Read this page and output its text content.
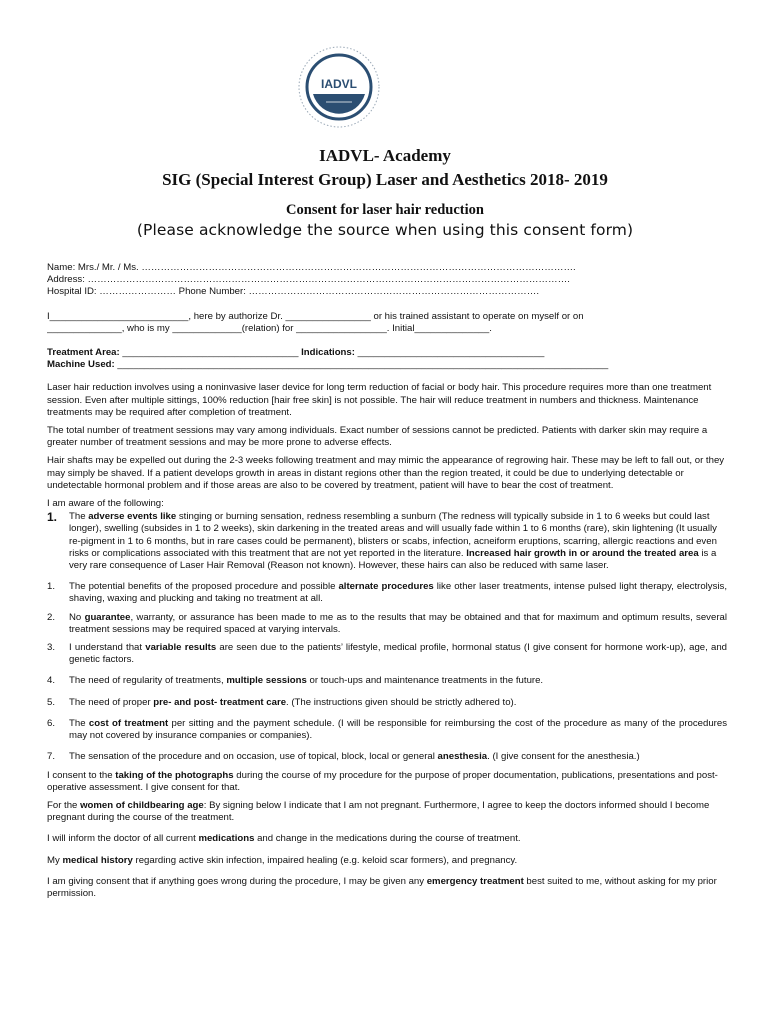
IADVL
IADVL- Academy
SIG (Special Interest Group) Laser and Aesthetics 2018- 2019
Consent for laser hair reduction
(Please acknowledge the source when using this consent form)
Name: Mrs./ Mr. / Ms. ……………………………………………………………………………………………………………………….
Address: …………………………………………………………………………………………………………………………………….
Hospital ID: …………………… Phone Number: ……………………………………………………………………………….
I__________________________, here by authorize Dr. ________________ or his trained assistant to operate on myself or on
______________, who is my _____________(relation) for _________________. Initial______________.
Treatment Area: _________________________________ Indications: ___________________________________
Machine Used: ____________________________________________________________________________________________

Laser hair reduction involves using a noninvasive laser device for long term reduction of facial or body hair. This procedure requires more than one treatment session. Even after multiple sittings, 100% reduction [hair free skin] is not possible. The hair will reduce treatment in numbers and thickness. Maintenance treatments may be required after completion of treatment.

The total number of treatment sessions may vary among individuals. Exact number of sessions cannot be predicted. Patients with darker skin may require a greater number of treatment sessions and may be more prone to adverse effects.

Hair shafts may be expelled out during the 2-3 weeks following treatment and may mimic the appearance of regrowing hair. These may be left to fall out, or they may simply be shaved. If a patient develops growth in areas in distant regions other than the region treated, it could be due to underlying detectable or undetectable hormonal problem and if those areas are also to be covered by treatment, patient will have to bear the cost of treatment.

I am aware of the following:

1. The adverse events like stinging or burning sensation, redness resembling a sunburn (The redness will typically subside in 1 to 6 weeks but could last longer), swelling (subsides in 1 to 2 weeks), skin darkening in the treated areas and will usually fade within 1 to 6 months (rare), skin lightening (It usually re-pigment in 1 to 6 months, but in rare cases could be permanent), blisters or scabs, infection, acneiform eruptions, scarring, allergic reactions and even risks or complications associated with this treatment that are not yet reported in the literature. Increased hair growth in or around the treated area is a very rare consequence of Laser Hair Removal (Reason not known). However, these hairs can also be reduced with same laser.
1. The potential benefits of the proposed procedure and possible alternate procedures like other laser treatments, intense pulsed light therapy, electrolysis, shaving, waxing and plucking and taking no treatment at all.
2. No guarantee, warranty, or assurance has been made to me as to the results that may be obtained and that for maximum and optimum results, several treatment sessions may be required spaced at varying intervals.
3. I understand that variable results are seen due to the patients’ lifestyle, medical profile, hormonal status (I give consent for hormone work-up), age, and genetic factors.
4. The need of regularity of treatments, multiple sessions or touch-ups and maintenance treatments in the future.
5. The need of proper pre- and post- treatment care. (The instructions given should be strictly adhered to).
6. The cost of treatment per sitting and the payment schedule. (I will be responsible for reimbursing the cost of the procedure as many of the procedures may not covered by insurance companies or companies).
7. The sensation of the procedure and on occasion, use of topical, block, local or general anesthesia. (I give consent for the anesthesia.)

I consent to the taking of the photographs during the course of my procedure for the purpose of proper documentation, publications, presentations and post-operative assessment. I give consent for that.

For the women of childbearing age: By signing below I indicate that I am not pregnant. Furthermore, I agree to keep the doctors informed should I become pregnant during the course of the treatment.

I will inform the doctor of all current medications and change in the medications during the course of treatment.

My medical history regarding active skin infection, impaired healing (e.g. keloid scar formers), and pregnancy.

I am giving consent that if anything goes wrong during the procedure, I may be given any emergency treatment best suited to me, without asking for my prior permission.
